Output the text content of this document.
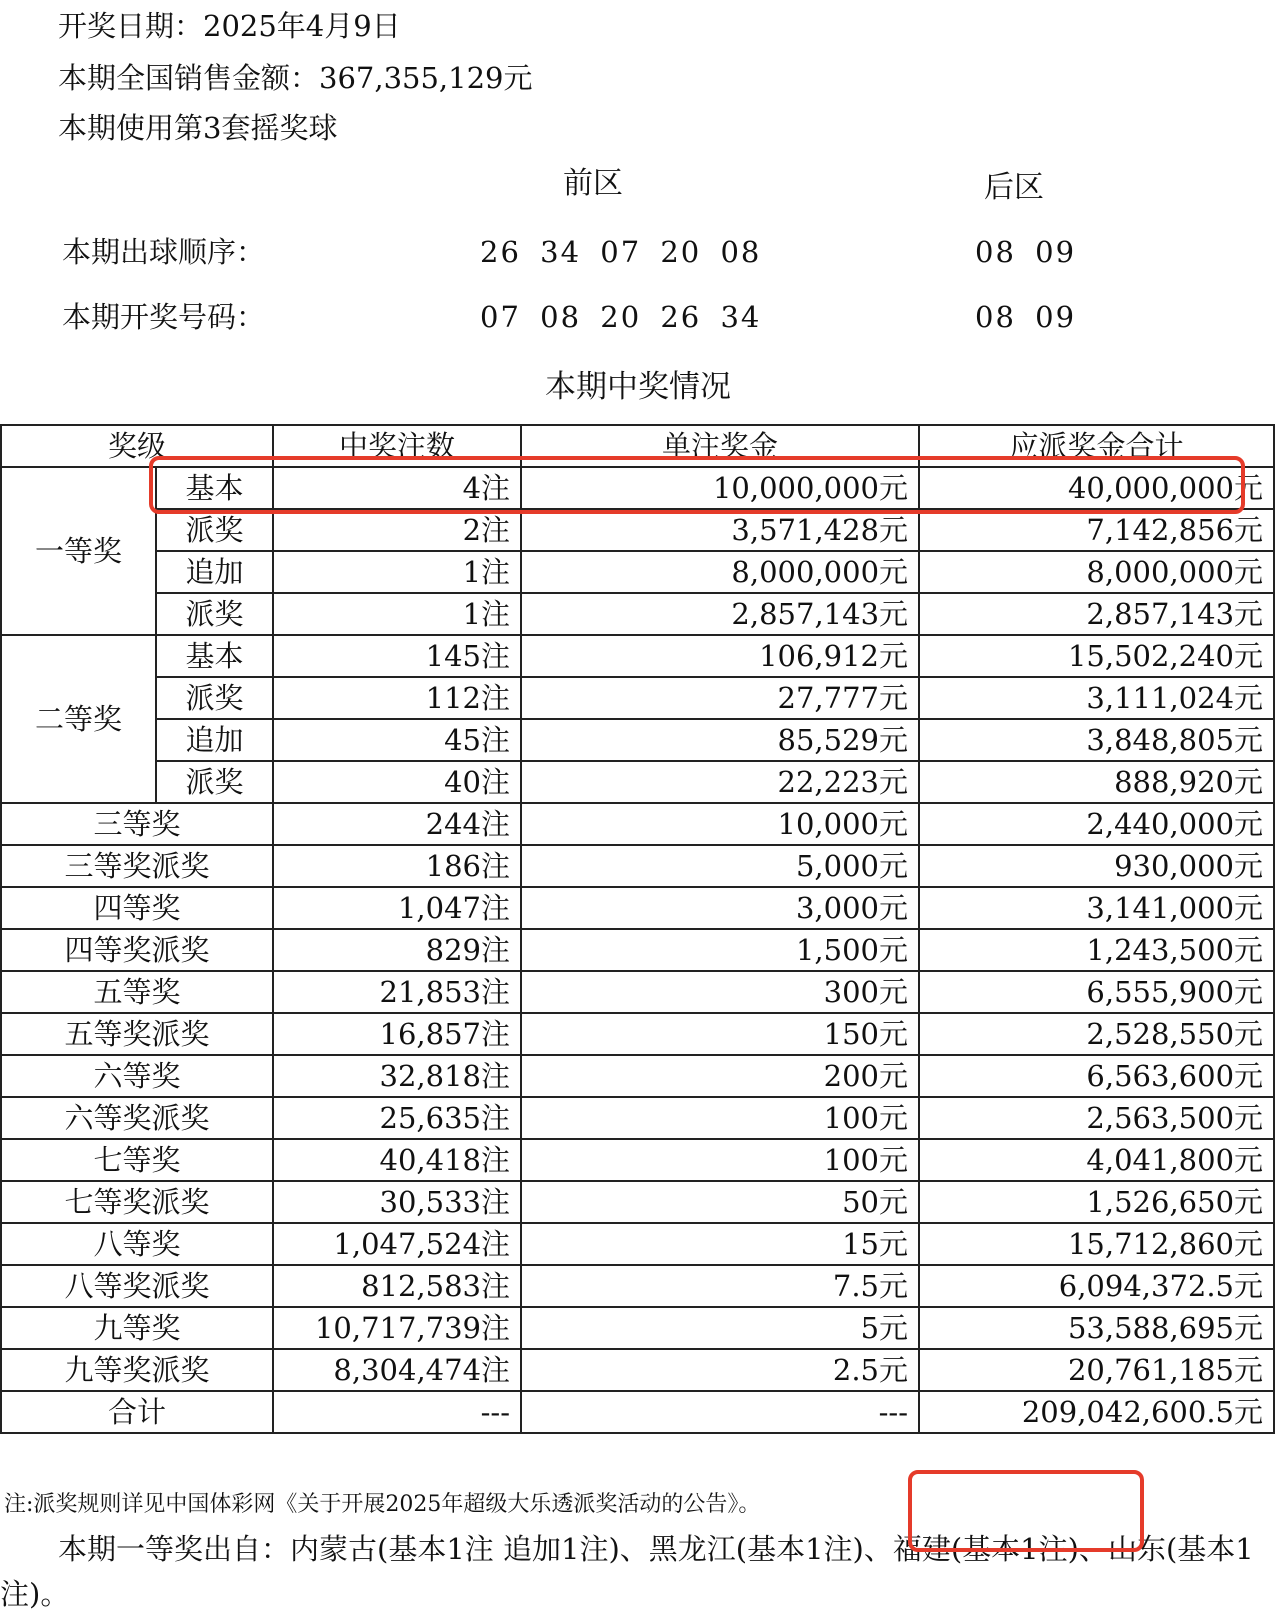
开奖日期：2025年4月9日
本期全国销售金额：367,355,129元
本期使用第3套摇奖球
前区	后区
本期出球顺序：	26 34 07 20 08	08 09
本期开奖号码：	07 08 20 26 34	08 09
本期中奖情况
奖级		中奖注数	单注奖金	应派奖金合计
一等奖	基本	4注	10,000,000元	40,000,000元
	派奖	2注	3,571,428元	7,142,856元
	追加	1注	8,000,000元	8,000,000元
	派奖	1注	2,857,143元	2,857,143元
二等奖	基本	145注	106,912元	15,502,240元
	派奖	112注	27,777元	3,111,024元
	追加	45注	85,529元	3,848,805元
	派奖	40注	22,223元	888,920元
三等奖		244注	10,000元	2,440,000元
三等奖派奖		186注	5,000元	930,000元
四等奖		1,047注	3,000元	3,141,000元
四等奖派奖		829注	1,500元	1,243,500元
五等奖		21,853注	300元	6,555,900元
五等奖派奖		16,857注	150元	2,528,550元
六等奖		32,818注	200元	6,563,600元
六等奖派奖		25,635注	100元	2,563,500元
七等奖		40,418注	100元	4,041,800元
七等奖派奖		30,533注	50元	1,526,650元
八等奖		1,047,524注	15元	15,712,860元
八等奖派奖		812,583注	7.5元	6,094,372.5元
九等奖		10,717,739注	5元	53,588,695元
九等奖派奖		8,304,474注	2.5元	20,761,185元
合计		---	---	209,042,600.5元
注:派奖规则详见中国体彩网《关于开展2025年超级大乐透派奖活动的公告》。
本期一等奖出自：内蒙古(基本1注 追加1注)、黑龙江(基本1注)、福建(基本1注)、山东(基本1注)。
